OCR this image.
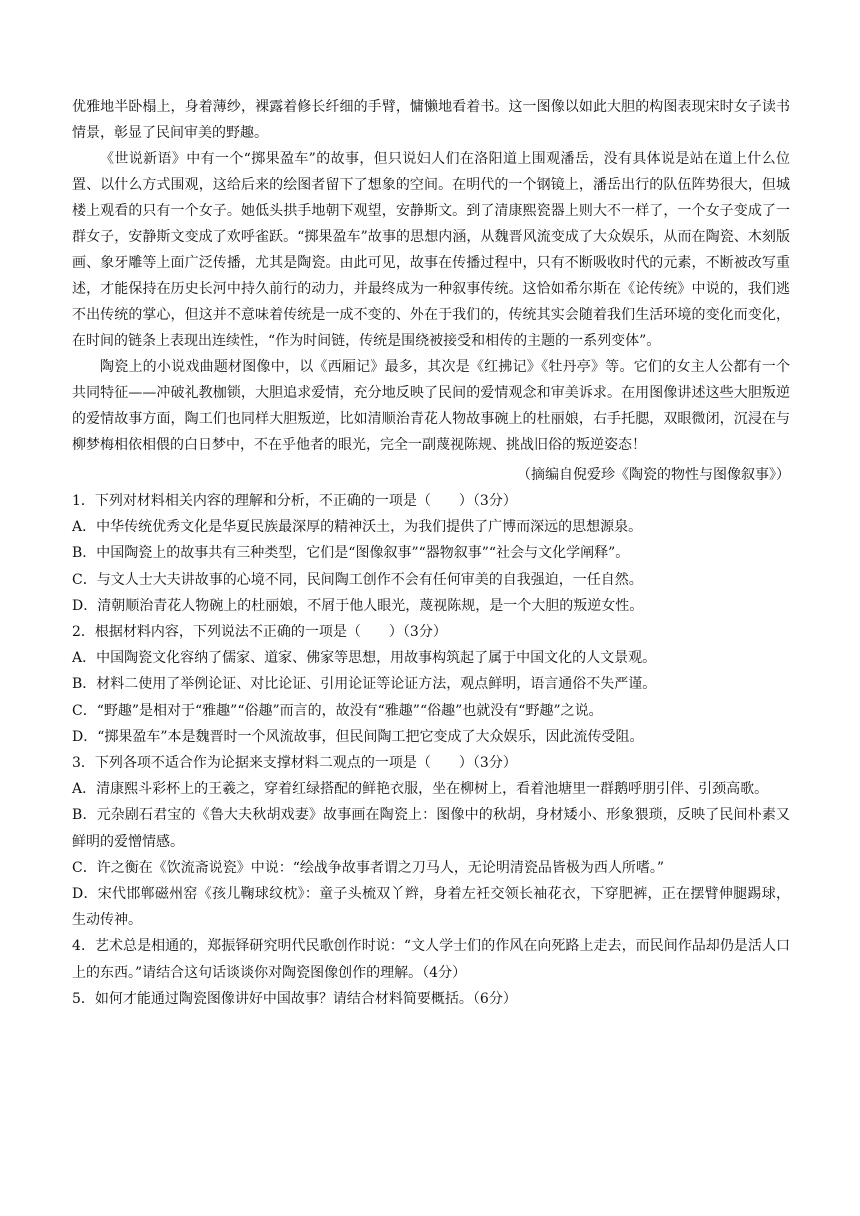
优雅地半卧榻上，身着薄纱，裸露着修长纤细的手臂，慵懒地看着书。这一图像以如此大胆的构图表现宋时女子读书情景，彰显了民间审美的野趣。

《世说新语》中有一个“掷果盈车”的故事，但只说妇人们在洛阳道上围观潘岳，没有具体说是站在道上什么位置、以什么方式围观，这给后来的绘图者留下了想象的空间。在明代的一个钢镜上，潘岳出行的队伍阵势很大，但城楼上观看的只有一个女子。她低头拱手地朝下观望，安静斯文。到了清康熙瓷器上则大不一样了，一个女子变成了一群女子，安静斯文变成了欢呼雀跃。“掷果盈车”故事的思想内涵，从魏晋风流变成了大众娱乐，从而在陶瓷、木刻版画、象牙雕等上面广泛传播，尤其是陶瓷。由此可见，故事在传播过程中，只有不断吸收时代的元素，不断被改写重述，才能保持在历史长河中持久前行的动力，并最终成为一种叙事传统。这恰如希尔斯在《论传统》中说的，我们逃不出传统的掌心，但这并不意味着传统是一成不变的、外在于我们的，传统其实会随着我们生活环境的变化而变化，在时间的链条上表现出连续性，“作为时间链，传统是围绕被接受和相传的主题的一系列变体”。

陶瓷上的小说戏曲题材图像中，以《西厢记》最多，其次是《红拂记》《牡丹亭》等。它们的女主人公都有一个共同特征——冲破礼教枷锁，大胆追求爱情，充分地反映了民间的爱情观念和审美诉求。在用图像讲述这些大胆叛逆的爱情故事方面，陶工们也同样大胆叛逆，比如清顺治青花人物故事碗上的杜丽娘，右手托腮，双眼微闭，沉浸在与柳梦梅相依相偎的白日梦中，不在乎他者的眼光，完全一副蔑视陈规、挑战旧俗的叛逆姿态！

（摘编自倪爱珍《陶瓷的物性与图像叙事》）

1．下列对材料相关内容的理解和分析，不正确的一项是（　　）（3分）

A．中华传统优秀文化是华夏民族最深厚的精神沃土，为我们提供了广博而深远的思想源泉。

B．中国陶瓷上的故事共有三种类型，它们是“图像叙事”“器物叙事”“社会与文化学阐释”。

C．与文人士大夫讲故事的心境不同，民间陶工创作不会有任何审美的自我强迫，一任自然。

D．清朝顺治青花人物碗上的杜丽娘，不屑于他人眼光，蔑视陈规，是一个大胆的叛逆女性。

2．根据材料内容，下列说法不正确的一项是（　　）（3分）

A．中国陶瓷文化容纳了儒家、道家、佛家等思想，用故事构筑起了属于中国文化的人文景观。

B．材料二使用了举例论证、对比论证、引用论证等论证方法，观点鲜明，语言通俗不失严谨。

C．“野趣”是相对于“雅趣”“俗趣”而言的，故没有“雅趣”“俗趣”也就没有“野趣”之说。

D．“掷果盈车”本是魏晋时一个风流故事，但民间陶工把它变成了大众娱乐，因此流传受阻。

3．下列各项不适合作为论据来支撑材料二观点的一项是（　　）（3分）

A．清康熙斗彩杯上的王羲之，穿着红绿搭配的鲜艳衣服，坐在柳树上，看着池塘里一群鹅呼朋引伴、引颈高歌。

B．元杂剧石君宝的《鲁大夫秋胡戏妻》故事画在陶瓷上：图像中的秋胡，身材矮小、形象猥琐，反映了民间朴素又鲜明的爱憎情感。

C．许之衡在《饮流斋说瓷》中说：“绘战争故事者谓之刀马人，无论明清瓷品皆极为西人所嗜。”

D．宋代邯郸磁州窑《孩儿鞠球纹枕》：童子头梳双丫辫，身着左衽交领长袖花衣，下穿肥裤，正在摆臂伸腿踢球，生动传神。

4．艺术总是相通的，郑振铎研究明代民歌创作时说：“文人学士们的作风在向死路上走去，而民间作品却仍是活人口上的东西。”请结合这句话谈谈你对陶瓷图像创作的理解。（4分）

5．如何才能通过陶瓷图像讲好中国故事？请结合材料简要概括。（6分）
